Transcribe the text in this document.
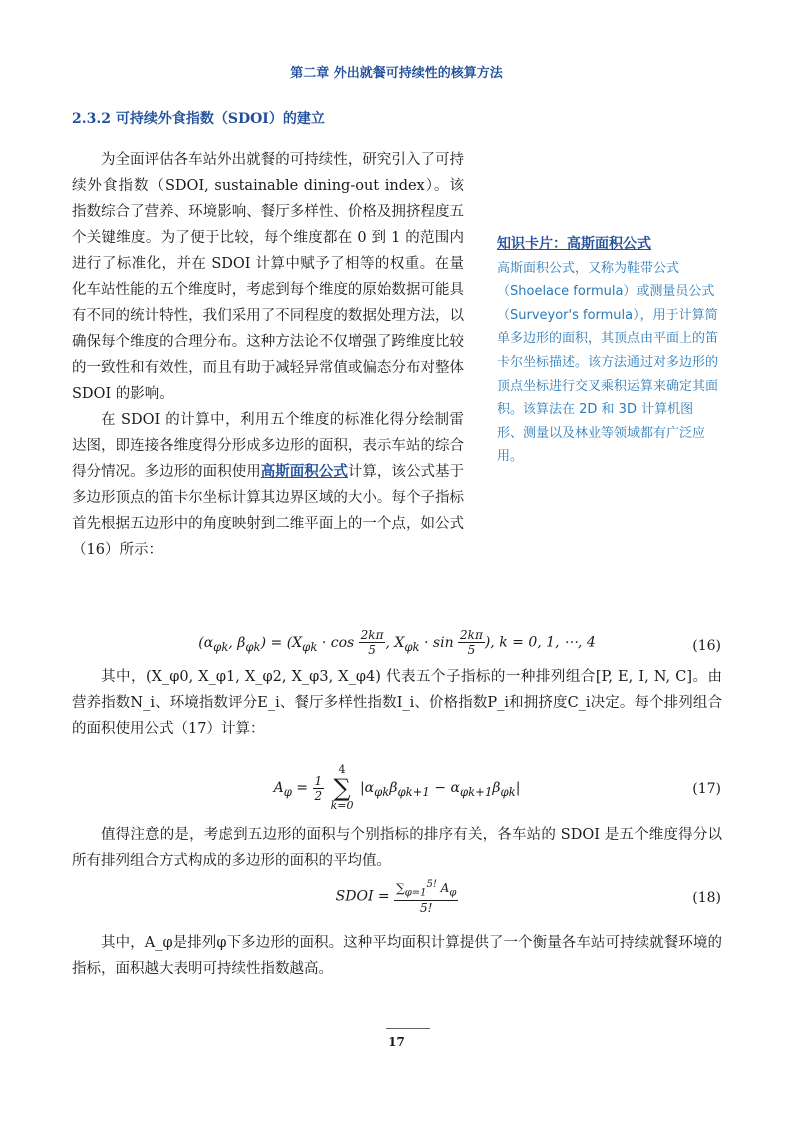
第二章 外出就餐可持续性的核算方法
2.3.2 可持续外食指数（SDOI）的建立

为全面评估各车站外出就餐的可持续性，研究引入了可持续外食指数（SDOI, sustainable dining-out index）。该指数综合了营养、环境影响、餐厅多样性、价格及拥挤程度五个关键维度。为了便于比较，每个维度都在 0 到 1 的范围内进行了标准化，并在 SDOI 计算中赋予了相等的权重。在量化车站性能的五个维度时，考虑到每个维度的原始数据可能具有不同的统计特性，我们采用了不同程度的数据处理方法，以确保每个维度的合理分布。这种方法论不仅增强了跨维度比较的一致性和有效性，而且有助于减轻异常值或偏态分布对整体 SDOI 的影响。

在 SDOI 的计算中，利用五个维度的标准化得分绘制雷达图，即连接各维度得分形成多边形的面积，表示车站的综合得分情况。多边形的面积使用高斯面积公式计算，该公式基于多边形顶点的笛卡尔坐标计算其边界区域的大小。每个子指标首先根据五边形中的角度映射到二维平面上的一个点，如公式（16）所示：

知识卡片：高斯面积公式
高斯面积公式，又称为鞋带公式（Shoelace formula）或测量员公式（Surveyor's formula），用于计算简单多边形的面积，其顶点由平面上的笛卡尔坐标描述。该方法通过对多边形的顶点坐标进行交叉乘积运算来确定其面积。该算法在 2D 和 3D 计算机图形、测量以及林业等领域都有广泛应用。
($\alpha_{\varphi k}$, $\beta_{\varphi k}) = (X_{\varphi k} \cdot \cos \frac{2k\pi}{5}$ , $X_{\varphi k} \cdot \sin \frac{2k\pi}{5}$ ), k = 0, 1, ⋯, 4	(16)

其中，(X_φ0, X_φ1, X_φ2, X_φ3, X_φ4) 代表五个子指标的一种排列组合[P, E, I, N, C]。由营养指数N_i、环境指数评分E_i、餐厅多样性指数I_i、价格指数P_i和拥挤度C_i决定。每个排列组合的面积使用公式（17）计算：

$A_\varphi = \frac{1}{2}$

4
∑
k=0
$|\alpha_{\varphi k}\beta_{\varphi k+1} - \alpha_{\varphi k+1}\beta_{\varphi k}|$	(17)

值得注意的是，考虑到五边形的面积与个别指标的排序有关，各车站的 SDOI 是五个维度得分以所有排列组合方式构成的多边形的面积的平均值。

SDOI = $\frac{\sum_{\varphi=1}^{5!} A_\varphi}{5!}$	(18)

其中，A_φ是排列φ下多边形的面积。这种平均面积计算提供了一个衡量各车站可持续就餐环境的指标，面积越大表明可持续性指数越高。

17
